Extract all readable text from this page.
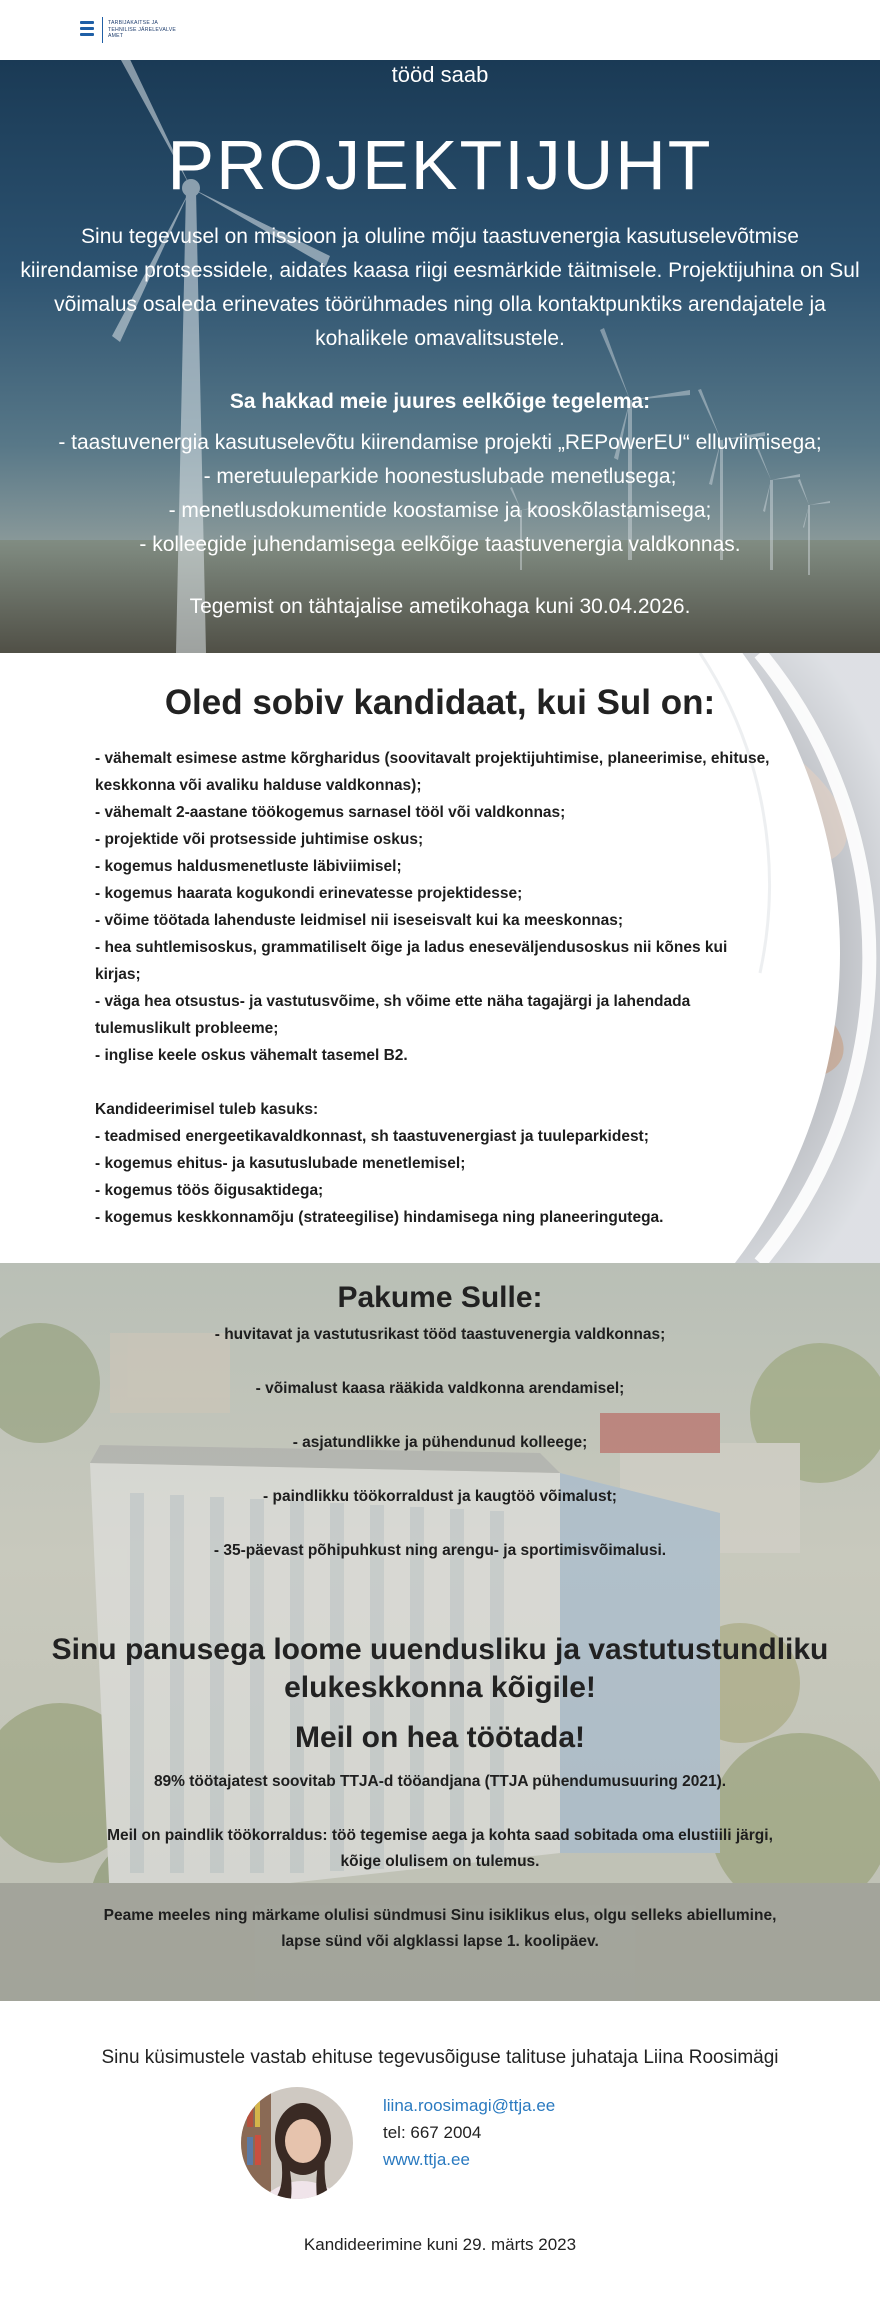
TARBIJAKAITSE JA
TEHNILISE JÄRELEVALVE
AMET
tööd saab
PROJEKTIJUHT

Sinu tegevusel on missioon ja oluline mõju taastuvenergia kasutuselevõtmise kiirendamise protsessidele, aidates kaasa riigi eesmärkide täitmisele. Projektijuhina on Sul võimalus osaleda erinevates töörühmades ning olla kontaktpunktiks arendajatele ja kohalikele omavalitsustele.

Sa hakkad meie juures eelkõige tegelema:
- taastuvenergia kasutuselevõtu kiirendamise projekti „REPowerEU“ elluviimisega;
- meretuuleparkide hoonestuslubade menetlusega;
- menetlusdokumentide koostamise ja kooskõlastamisega;
- kolleegide juhendamisega eelkõige taastuvenergia valdkonnas.
Tegemist on tähtajalise ametikohaga kuni 30.04.2026.
Oled sobiv kandidaat, kui Sul on:

- vähemalt esimese astme kõrgharidus (soovitavalt projektijuhtimise, planeerimise, ehituse, keskkonna või avaliku halduse valdkonnas);

- vähemalt 2-aastane töökogemus sarnasel tööl või valdkonnas;

- projektide või protsesside juhtimise oskus;

- kogemus haldusmenetluste läbiviimisel;

- kogemus haarata kogukondi erinevatesse projektidesse;

- võime töötada lahenduste leidmisel nii iseseisvalt kui ka meeskonnas;

- hea suhtlemisoskus, grammatiliselt õige ja ladus eneseväljendusoskus nii kõnes kui kirjas;

- väga hea otsustus- ja vastutusvõime, sh võime ette näha tagajärgi ja lahendada tulemuslikult probleeme;

- inglise keele oskus vähemalt tasemel B2.

Kandideerimisel tuleb kasuks:

- teadmised energeetikavaldkonnast, sh taastuvenergiast ja tuuleparkidest;

- kogemus ehitus- ja kasutuslubade menetlemisel;

- kogemus töös õigusaktidega;

- kogemus keskkonnamõju (strateegilise) hindamisega ning planeeringutega.

Pakume Sulle:
- huvitavat ja vastutusrikast tööd taastuvenergia valdkonnas;
- võimalust kaasa rääkida valdkonna arendamisel;
- asjatundlikke ja pühendunud kolleege;
- paindlikku töökorraldust ja kaugtöö võimalust;
- 35-päevast põhipuhkust ning arengu- ja sportimisvõimalusi.
Sinu panusega loome uuendusliku ja vastutustundliku elukeskkonna kõigile!
Meil on hea töötada!

89% töötajatest soovitab TTJA-d tööandjana (TTJA pühendumusuuring 2021).

Meil on paindlik töökorraldus: töö tegemise aega ja kohta saad sobitada oma elustiili järgi, kõige olulisem on tulemus.

Peame meeles ning märkame olulisi sündmusi Sinu isiklikus elus, olgu selleks abiellumine, lapse sünd või algklassi lapse 1. koolipäev.

Sinu küsimustele vastab ehituse tegevusõiguse talituse juhataja Liina Roosimägi
liina.roosimagi@ttja.ee
tel: 667 2004
www.ttja.ee
Kandideerimine kuni 29. märts 2023
